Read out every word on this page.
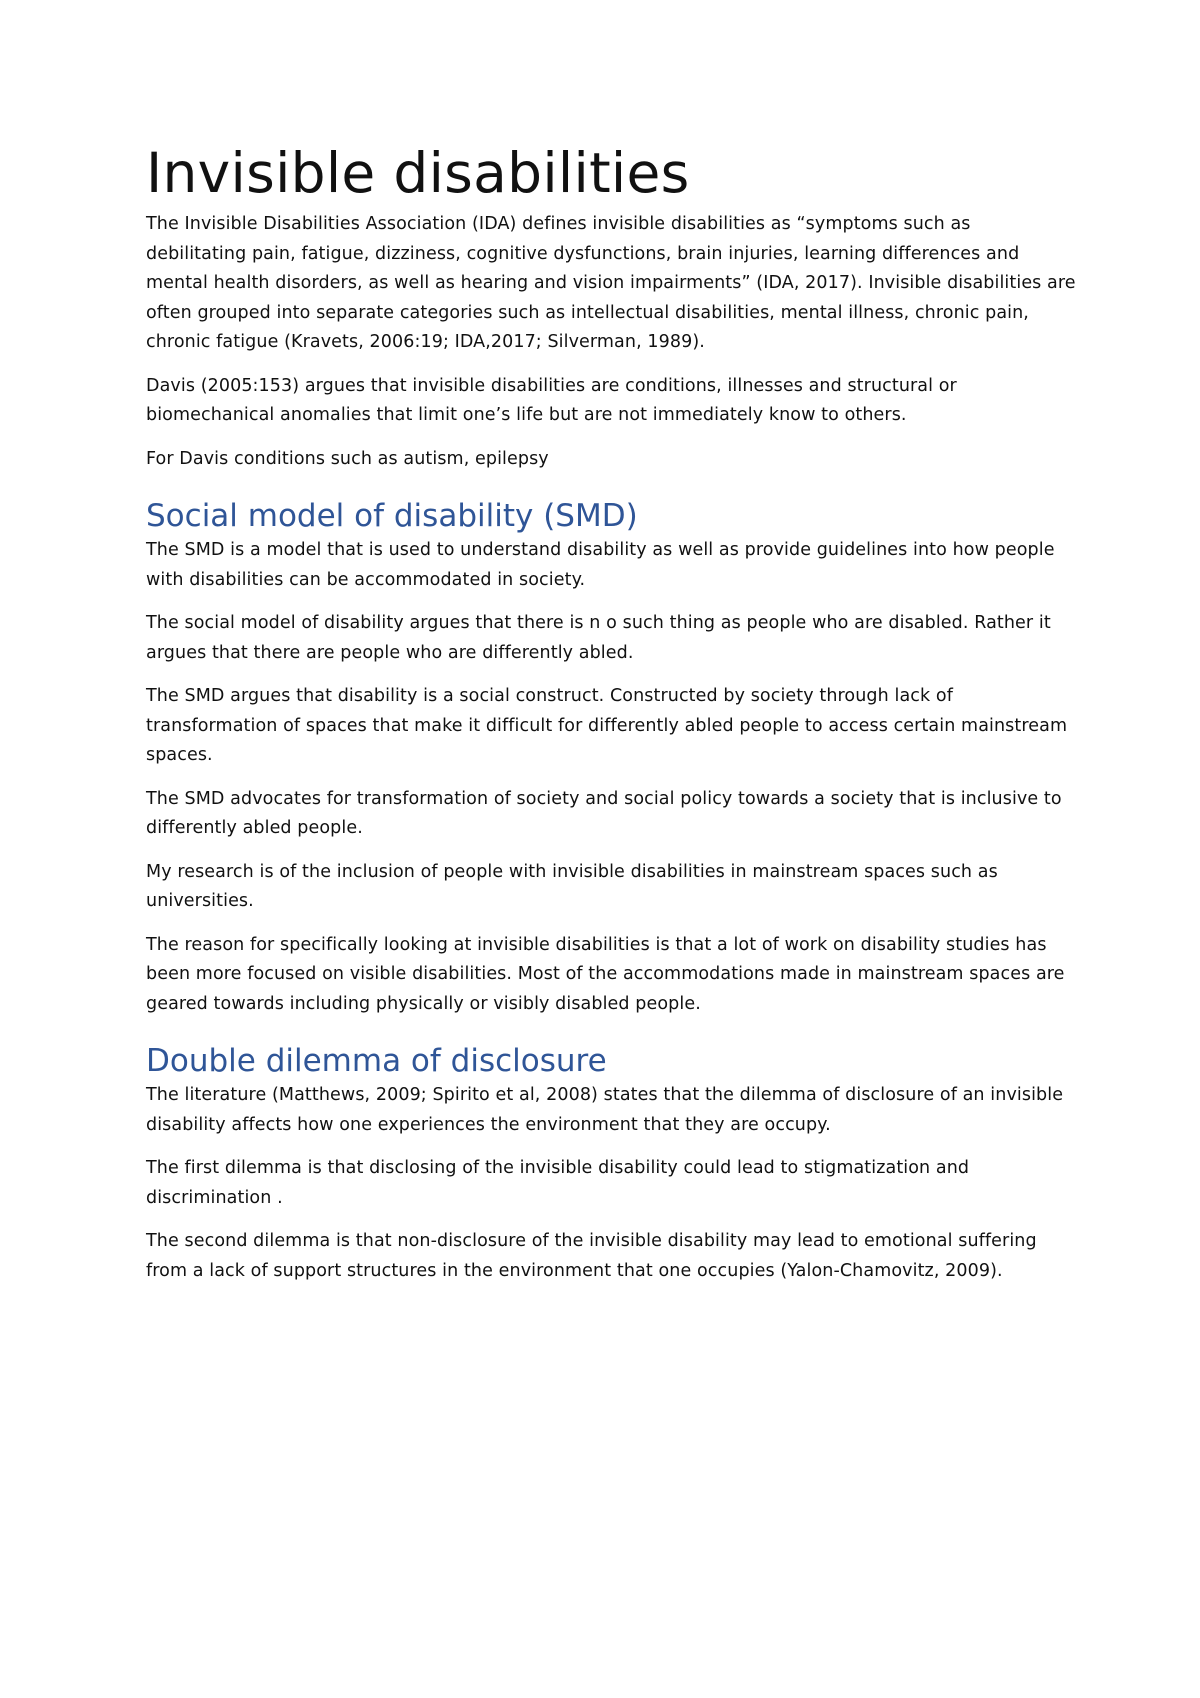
Invisible disabilities

The Invisible Disabilities Association (IDA) defines invisible disabilities as “symptoms such as debilitating pain, fatigue, dizziness, cognitive dysfunctions, brain injuries, learning differences and mental health disorders, as well as hearing and vision impairments” (IDA, 2017). Invisible disabilities are often grouped into separate categories such as intellectual disabilities, mental illness, chronic pain, chronic fatigue (Kravets, 2006:19; IDA,2017; Silverman, 1989).

Davis (2005:153) argues that invisible disabilities are conditions, illnesses and structural or biomechanical anomalies that limit one’s life but are not immediately know to others.

For Davis conditions such as autism, epilepsy

Social model of disability (SMD)

The SMD is a model that is used to understand disability as well as provide guidelines into how people with disabilities can be accommodated in society.

The social model of disability argues that there is n o such thing as people who are disabled. Rather it argues that there are people who are differently abled.

The SMD argues that disability is a social construct. Constructed by society through lack of transformation of spaces that make it difficult for differently abled people to access certain mainstream spaces.

The SMD advocates for transformation of society and social policy towards a society that is inclusive to differently abled people.

My research is of the inclusion of people with invisible disabilities in mainstream spaces such as universities.

The reason for specifically looking at invisible disabilities is that a lot of work on disability studies has been more focused on visible disabilities. Most of the accommodations made in mainstream spaces are geared towards including physically or visibly disabled people.

Double dilemma of disclosure

The literature (Matthews, 2009; Spirito et al, 2008) states that the dilemma of disclosure of an invisible disability affects how one experiences the environment that they are occupy.

The first dilemma is that disclosing of the invisible disability could lead to stigmatization and discrimination .

The second dilemma is that non-disclosure of the invisible disability may lead to emotional suffering from a lack of support structures in the environment that one occupies (Yalon-Chamovitz, 2009).
